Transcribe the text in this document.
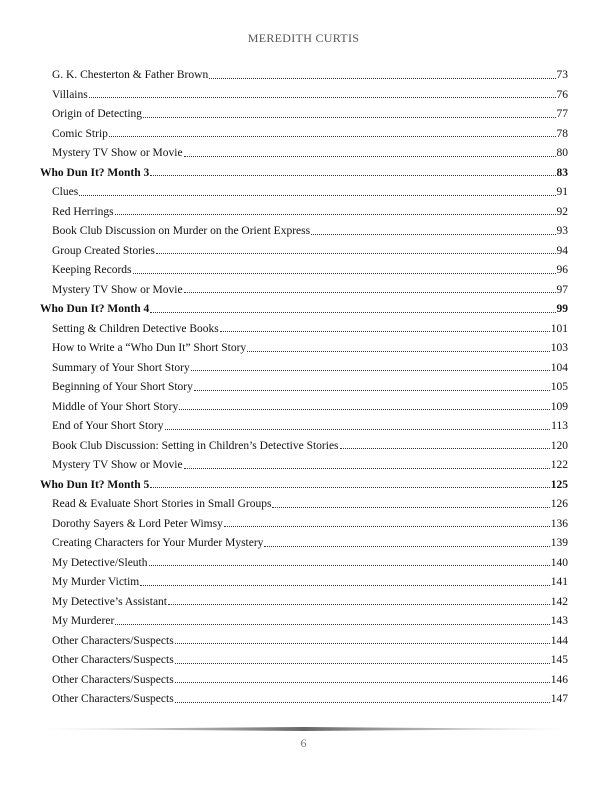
MEREDITH CURTIS
G. K. Chesterton & Father Brown	73
Villains	76
Origin of Detecting	77
Comic Strip	78
Mystery TV Show or Movie	80
Who Dun It? Month 3	83
Clues	91
Red Herrings	92
Book Club Discussion on Murder on the Orient Express	93
Group Created Stories	94
Keeping Records	96
Mystery TV Show or Movie	97
Who Dun It? Month 4	99
Setting & Children Detective Books	101
How to Write a “Who Dun It” Short Story	103
Summary of Your Short Story	104
Beginning of Your Short Story	105
Middle of Your Short Story	109
End of Your Short Story	113
Book Club Discussion: Setting in Children’s Detective Stories	120
Mystery TV Show or Movie	122
Who Dun It? Month 5	125
Read & Evaluate Short Stories in Small Groups	126
Dorothy Sayers & Lord Peter Wimsy	136
Creating Characters for Your Murder Mystery	139
My Detective/Sleuth	140
My Murder Victim	141
My Detective’s Assistant	142
My Murderer	143
Other Characters/Suspects	144
Other Characters/Suspects	145
Other Characters/Suspects	146
Other Characters/Suspects	147
6
